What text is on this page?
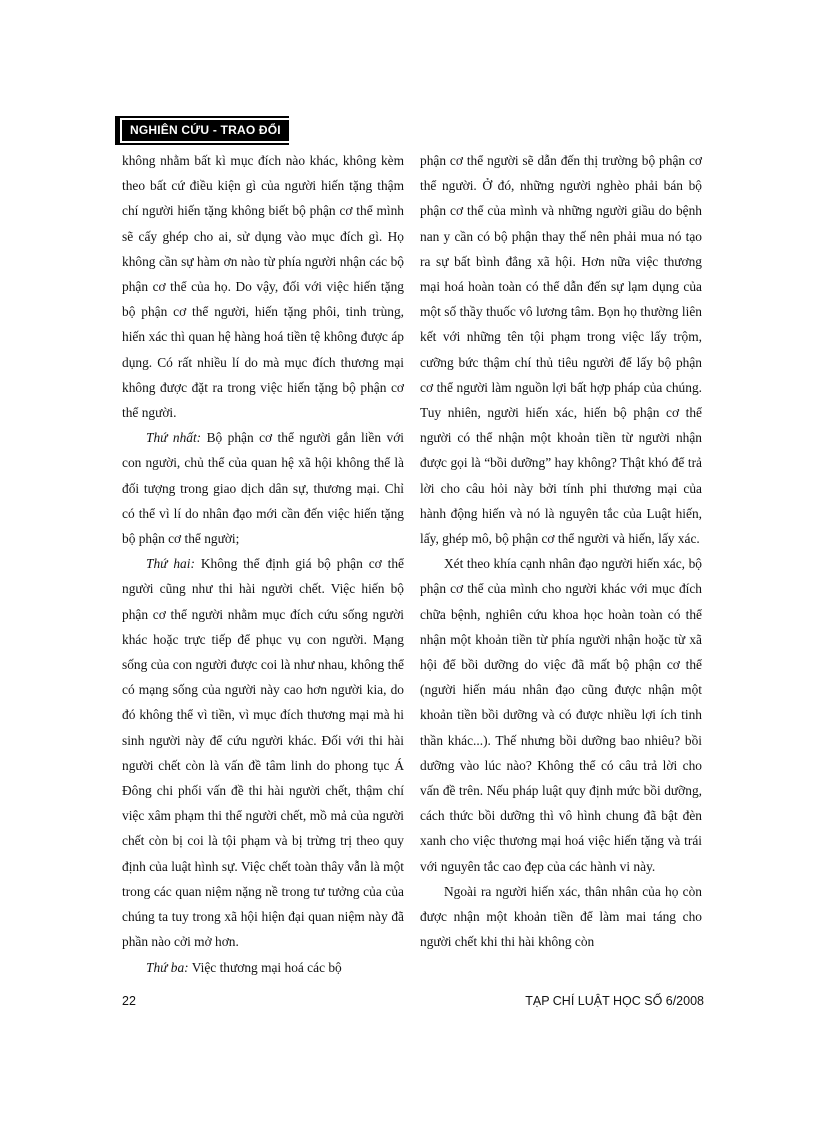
NGHIÊN CỨU - TRAO ĐỔI

không nhằm bất kì mục đích nào khác, không kèm theo bất cứ điều kiện gì của người hiến tặng thậm chí người hiến tặng không biết bộ phận cơ thể mình sẽ cấy ghép cho ai, sử dụng vào mục đích gì. Họ không cần sự hàm ơn nào từ phía người nhận các bộ phận cơ thể của họ. Do vậy, đối với việc hiến tặng bộ phận cơ thể người, hiến tặng phôi, tinh trùng, hiến xác thì quan hệ hàng hoá tiền tệ không được áp dụng. Có rất nhiều lí do mà mục đích thương mại không được đặt ra trong việc hiến tặng bộ phận cơ thể người.

Thứ nhất: Bộ phận cơ thể người gắn liền với con người, chủ thể của quan hệ xã hội không thể là đối tượng trong giao dịch dân sự, thương mại. Chỉ có thể vì lí do nhân đạo mới cần đến việc hiến tặng bộ phận cơ thể người;

Thứ hai: Không thể định giá bộ phận cơ thể người cũng như thi hài người chết. Việc hiến bộ phận cơ thể người nhằm mục đích cứu sống người khác hoặc trực tiếp để phục vụ con người. Mạng sống của con người được coi là như nhau, không thể có mạng sống của người này cao hơn người kia, do đó không thể vì tiền, vì mục đích thương mại mà hi sinh người này để cứu người khác. Đối với thi hài người chết còn là vấn đề tâm linh do phong tục Á Đông chi phối vấn đề thi hài người chết, thậm chí việc xâm phạm thi thể người chết, mồ mả của người chết còn bị coi là tội phạm và bị trừng trị theo quy định của luật hình sự. Việc chết toàn thây vẫn là một trong các quan niệm nặng nề trong tư tưởng của của chúng ta tuy trong xã hội hiện đại quan niệm này đã phần nào cởi mở hơn.

Thứ ba: Việc thương mại hoá các bộ

phận cơ thể người sẽ dẫn đến thị trường bộ phận cơ thể người. Ở đó, những người nghèo phải bán bộ phận cơ thể của mình và những người giầu do bệnh nan y cần có bộ phận thay thế nên phải mua nó tạo ra sự bất bình đẳng xã hội. Hơn nữa việc thương mại hoá hoàn toàn có thể dẫn đến sự lạm dụng của một số thầy thuốc vô lương tâm. Bọn họ thường liên kết với những tên tội phạm trong việc lấy trộm, cưỡng bức thậm chí thủ tiêu người để lấy bộ phận cơ thể người làm nguồn lợi bất hợp pháp của chúng. Tuy nhiên, người hiến xác, hiến bộ phận cơ thể người có thể nhận một khoản tiền từ người nhận được gọi là “bồi dưỡng” hay không? Thật khó để trả lời cho câu hỏi này bởi tính phi thương mại của hành động hiến và nó là nguyên tắc của Luật hiến, lấy, ghép mô, bộ phận cơ thể người và hiến, lấy xác.

Xét theo khía cạnh nhân đạo người hiến xác, bộ phận cơ thể của mình cho người khác với mục đích chữa bệnh, nghiên cứu khoa học hoàn toàn có thể nhận một khoản tiền từ phía người nhận hoặc từ xã hội để bồi dưỡng do việc đã mất bộ phận cơ thể (người hiến máu nhân đạo cũng được nhận một khoản tiền bồi dưỡng và có được nhiều lợi ích tinh thần khác...). Thế nhưng bồi dưỡng bao nhiêu? bồi dưỡng vào lúc nào? Không thể có câu trả lời cho vấn đề trên. Nếu pháp luật quy định mức bồi dưỡng, cách thức bồi dưỡng thì vô hình chung đã bật đèn xanh cho việc thương mại hoá việc hiến tặng và trái với nguyên tắc cao đẹp của các hành vi này.

Ngoài ra người hiến xác, thân nhân của họ còn được nhận một khoản tiền để làm mai táng cho người chết khi thi hài không còn

22	TẠP CHÍ LUẬT HỌC SỐ 6/2008
